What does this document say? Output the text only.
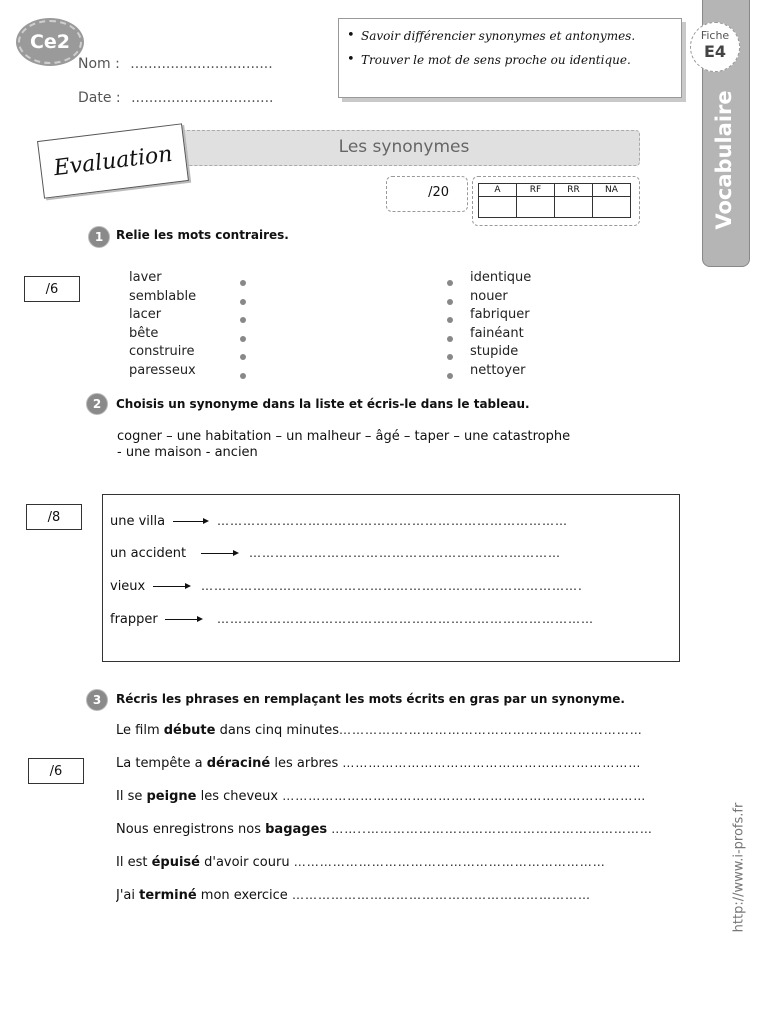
Ce2
Nom : ................................
Date : ................................
• Savoir différencier synonymes et antonymes.
• Trouver le mot de sens proche ou identique.
Vocabulaire
Fiche
E4
Les synonymes
Evaluation
/20	A	RF	RR	NA

1 Relie les mots contraires.
/6
laver
semblable
lacer
bête
construire
paresseux
identique
nouer
fabriquer
fainéant
stupide
nettoyer
2 Choisis un synonyme dans la liste et écris-le dans le tableau.
cogner – une habitation – un malheur – âgé – taper – une catastrophe
- une maison - ancien
/8	une villa	………………………………………………………………………
un accident	………………………………………………………………
vieux	…………………………………………………………………………….
frapper	……………………………………………………………………………
3 Récris les phrases en remplaçant les mots écrits en gras par un synonyme.
/6
Le film débute dans cinq minutes…………….………………………………………………
La tempête a déraciné les arbres ……………………………………………………………
Il se peigne les cheveux …………………………………………………………………………
Nous enregistrons nos bagages ……..…………………………………………………………
Il est épuisé d'avoir couru ………………………………………………………………
J'ai terminé mon exercice ……………………………………………………………	http://www.i-profs.fr
